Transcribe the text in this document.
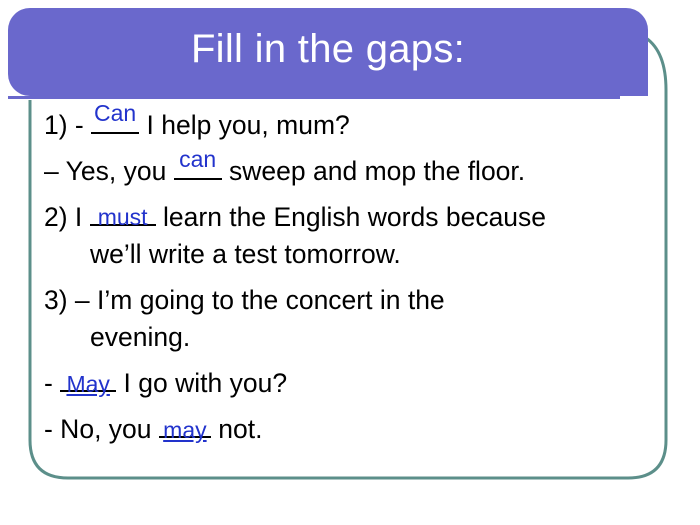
Fill in the gaps:
1) - Can I help you, mum?
– Yes, you can sweep and mop the floor.
2) I must learn the English words because
we’ll write a test tomorrow.
3) – I’m going to the concert in the
evening.
- May I go with you?
- No, you may not.
